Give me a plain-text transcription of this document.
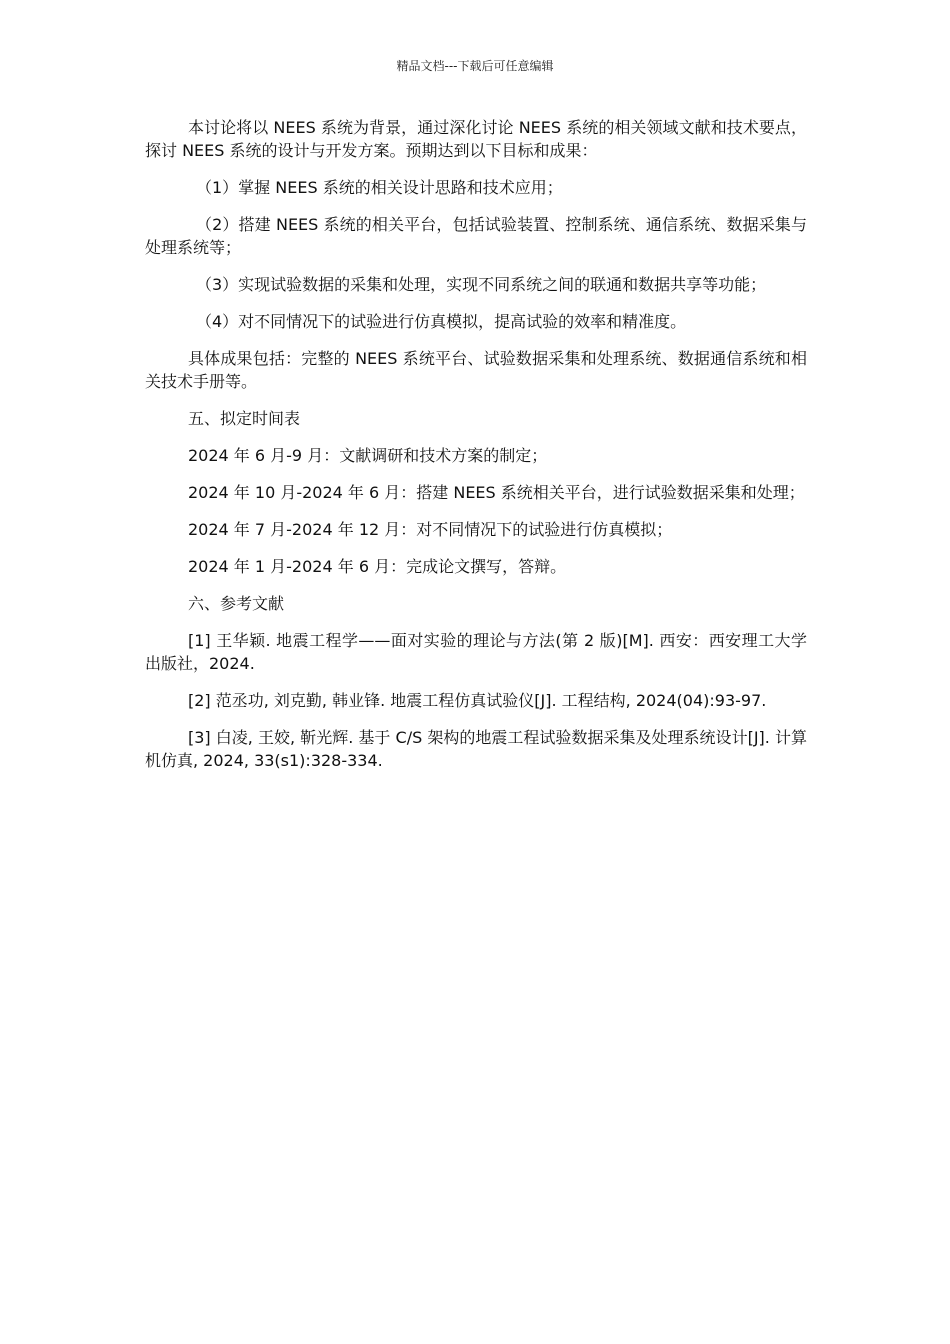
精品文档---下载后可任意编辑

本讨论将以 NEES 系统为背景，通过深化讨论 NEES 系统的相关领域文献和技术要点，探讨 NEES 系统的设计与开发方案。预期达到以下目标和成果：

（1）掌握 NEES 系统的相关设计思路和技术应用；

（2）搭建 NEES 系统的相关平台，包括试验装置、控制系统、通信系统、数据采集与处理系统等；

（3）实现试验数据的采集和处理，实现不同系统之间的联通和数据共享等功能；

（4）对不同情况下的试验进行仿真模拟，提高试验的效率和精准度。

具体成果包括：完整的 NEES 系统平台、试验数据采集和处理系统、数据通信系统和相关技术手册等。

五、拟定时间表

2024 年 6 月-9 月：文献调研和技术方案的制定；

2024 年 10 月-2024 年 6 月：搭建 NEES 系统相关平台，进行试验数据采集和处理；

2024 年 7 月-2024 年 12 月：对不同情况下的试验进行仿真模拟；

2024 年 1 月-2024 年 6 月：完成论文撰写，答辩。

六、参考文献

[1] 王华颖. 地震工程学——面对实验的理论与方法(第 2 版)[M]. 西安：西安理工大学出版社，2024.

[2] 范丞功, 刘克勤, 韩业锋. 地震工程仿真试验仪[J]. 工程结构, 2024(04):93-97.

[3] 白凌, 王姣, 靳光辉. 基于 C/S 架构的地震工程试验数据采集及处理系统设计[J]. 计算机仿真, 2024, 33(s1):328-334.
